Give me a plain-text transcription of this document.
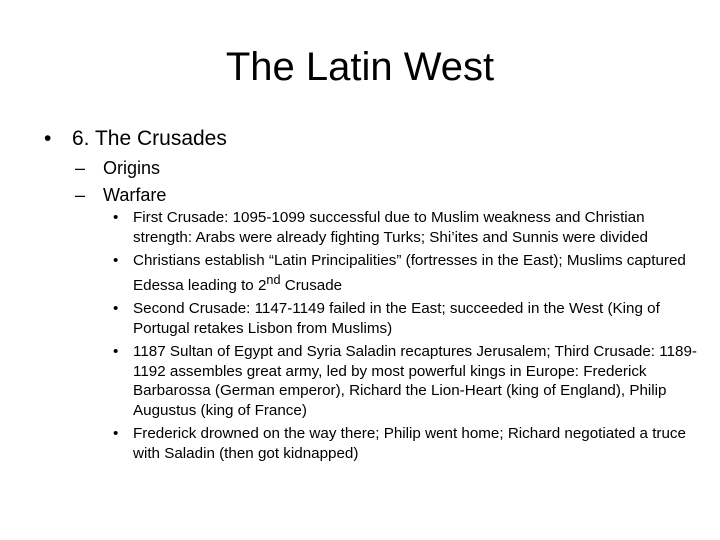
The Latin West
• 6. The Crusades
– Origins
– Warfare
• First Crusade: 1095-1099 successful due to Muslim weakness and Christian strength: Arabs were already fighting Turks; Shi’ites and Sunnis were divided
• Christians establish “Latin Principalities” (fortresses in the East); Muslims captured Edessa leading to 2nd Crusade
• Second Crusade: 1147-1149 failed in the East; succeeded in the West (King of Portugal retakes Lisbon from Muslims)
• 1187 Sultan of Egypt and Syria Saladin recaptures Jerusalem; Third Crusade: 1189-1192 assembles great army, led by most powerful kings in Europe: Frederick Barbarossa (German emperor), Richard the Lion-Heart (king of England), Philip Augustus (king of France)
• Frederick drowned on the way there; Philip went home; Richard negotiated a truce with Saladin (then got kidnapped)
